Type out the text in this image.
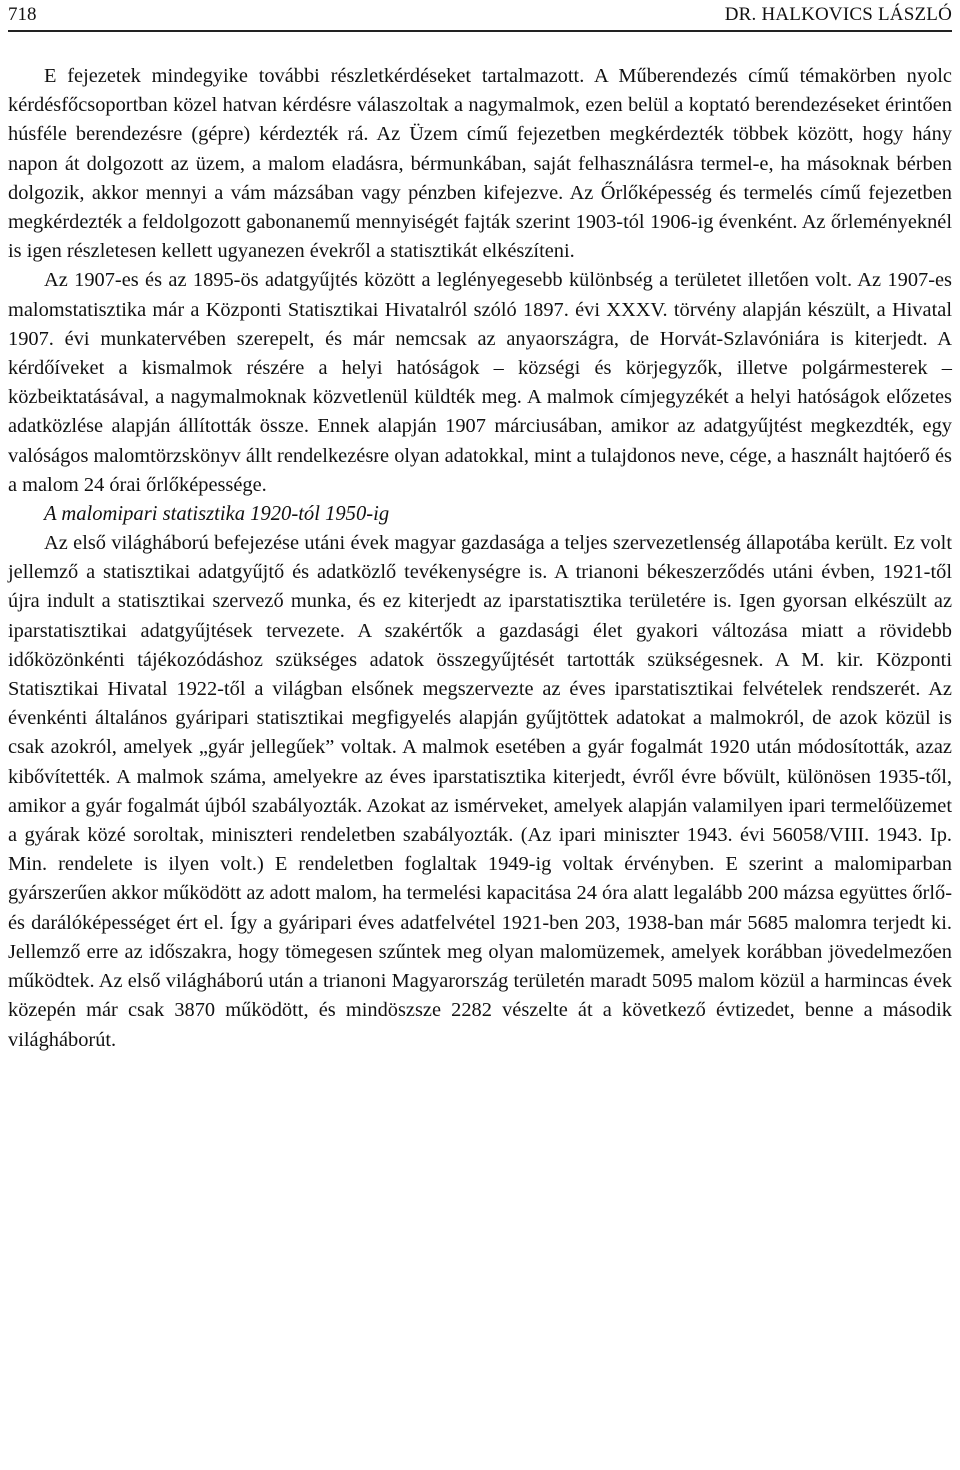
718	DR. HALKOVICS LÁSZLÓ

E fejezetek mindegyike további részletkérdéseket tartalmazott. A Műberendezés című témakörben nyolc kérdésfőcsoportban közel hatvan kérdésre válaszoltak a nagymalmok, ezen belül a koptató berendezéseket érintően húsféle berendezésre (gépre) kérdezték rá. Az Üzem című fejezetben megkérdezték többek között, hogy hány napon át dolgozott az üzem, a malom eladásra, bérmunkában, saját felhasználásra termel-e, ha másoknak bérben dolgozik, akkor mennyi a vám mázsában vagy pénzben kifejezve. Az Őrlőképesség és termelés című fejezetben megkérdezték a feldolgozott gabonanemű mennyiségét fajták szerint 1903-tól 1906-ig évenként. Az őrleményeknél is igen részletesen kellett ugyanezen évekről a statisztikát elkészíteni.

Az 1907-es és az 1895-ös adatgyűjtés között a leglényegesebb különbség a területet illetően volt. Az 1907-es malomstatisztika már a Központi Statisztikai Hivatalról szóló 1897. évi XXXV. törvény alapján készült, a Hivatal 1907. évi munkatervében szerepelt, és már nemcsak az anyaországra, de Horvát-Szlavóniára is kiterjedt. A kérdőíveket a kismalmok részére a helyi hatóságok – községi és körjegyzők, illetve polgármesterek – közbeiktatásával, a nagymalmoknak közvetlenül küldték meg. A malmok címjegyzékét a helyi hatóságok előzetes adatközlése alapján állították össze. Ennek alapján 1907 márciusában, amikor az adatgyűjtést megkezdték, egy valóságos malomtörzskönyv állt rendelkezésre olyan adatokkal, mint a tulajdonos neve, cége, a használt hajtóerő és a malom 24 órai őrlőképessége.

A malomipari statisztika 1920-tól 1950-ig

Az első világháború befejezése utáni évek magyar gazdasága a teljes szervezetlenség állapotába került. Ez volt jellemző a statisztikai adatgyűjtő és adatközlő tevékenységre is. A trianoni békeszerződés utáni évben, 1921-től újra indult a statisztikai szervező munka, és ez kiterjedt az iparstatisztika területére is. Igen gyorsan elkészült az iparstatisztikai adatgyűjtések tervezete. A szakértők a gazdasági élet gyakori változása miatt a rövidebb időközönkénti tájékozódáshoz szükséges adatok összegyűjtését tartották szükségesnek. A M. kir. Központi Statisztikai Hivatal 1922-től a világban elsőnek megszervezte az éves iparstatisztikai felvételek rendszerét. Az évenkénti általános gyáripari statisztikai megfigyelés alapján gyűjtöttek adatokat a malmokról, de azok közül is csak azokról, amelyek „gyár jellegűek” voltak. A malmok esetében a gyár fogalmát 1920 után módosították, azaz kibővítették. A malmok száma, amelyekre az éves iparstatisztika kiterjedt, évről évre bővült, különösen 1935-től, amikor a gyár fogalmát újból szabályozták. Azokat az ismérveket, amelyek alapján valamilyen ipari termelőüzemet a gyárak közé soroltak, miniszteri rendeletben szabályozták. (Az ipari miniszter 1943. évi 56058/VIII. 1943. Ip. Min. rendelete is ilyen volt.) E rendeletben foglaltak 1949-ig voltak érvényben. E szerint a malomiparban gyárszerűen akkor működött az adott malom, ha termelési kapacitása 24 óra alatt legalább 200 mázsa együttes őrlő- és darálóképességet ért el. Így a gyáripari éves adatfelvétel 1921-ben 203, 1938-ban már 5685 malomra terjedt ki. Jellemző erre az időszakra, hogy tömegesen szűntek meg olyan malomüzemek, amelyek korábban jövedelmezően működtek. Az első világháború után a trianoni Magyarország területén maradt 5095 malom közül a harmincas évek közepén már csak 3870 működött, és mindöszsze 2282 vészelte át a következő évtizedet, benne a második világháborút.
